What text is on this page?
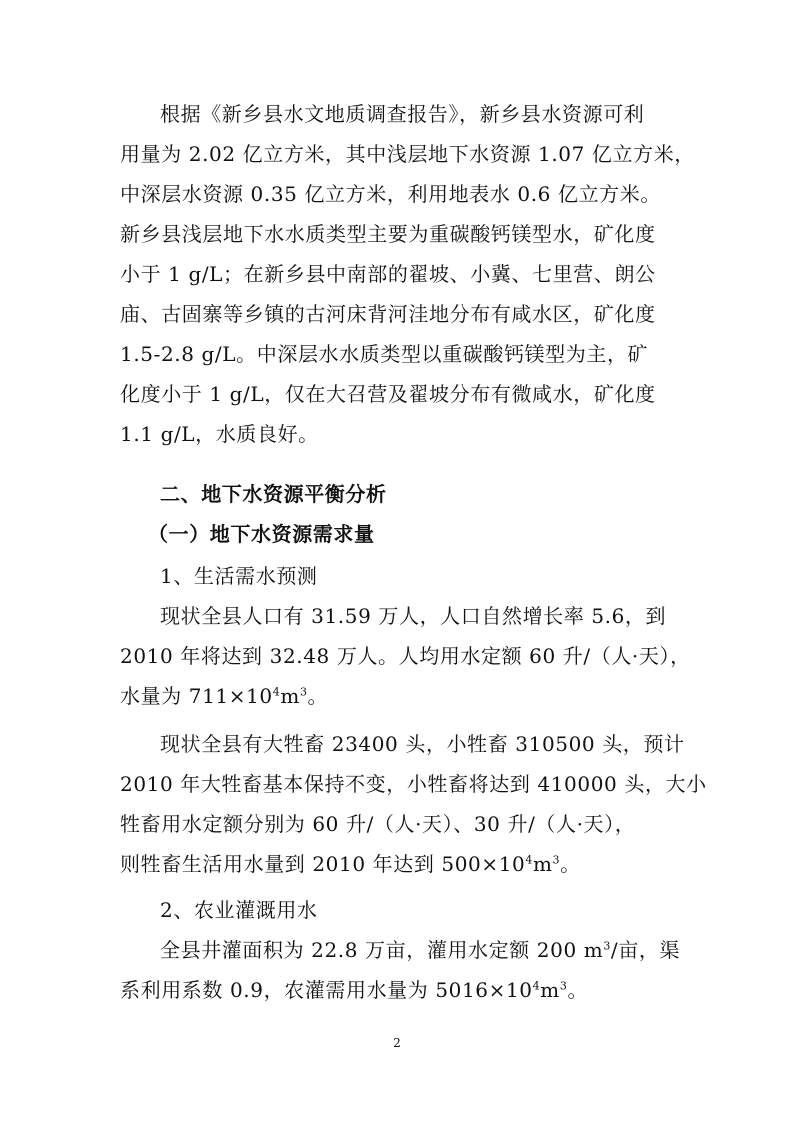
根据《新乡县水文地质调查报告》，新乡县水资源可利
用量为 2.02 亿立方米，其中浅层地下水资源 1.07 亿立方米，
中深层水资源 0.35 亿立方米，利用地表水 0.6 亿立方米。
新乡县浅层地下水水质类型主要为重碳酸钙镁型水，矿化度
小于 1 g/L；在新乡县中南部的翟坡、小冀、七里营、朗公
庙、古固寨等乡镇的古河床背河洼地分布有咸水区，矿化度
1.5-2.8 g/L。中深层水水质类型以重碳酸钙镁型为主，矿
化度小于 1 g/L，仅在大召营及翟坡分布有微咸水，矿化度
1.1 g/L，水质良好。
二、地下水资源平衡分析
（一）地下水资源需求量
1、生活需水预测
现状全县人口有 31.59 万人，人口自然增长率 5.6，到
2010 年将达到 32.48 万人。人均用水定额 60 升/（人·天），
水量为 $711\times 10^4m^3$。
现状全县有大牲畜 23400 头，小牲畜 310500 头，预计
2010 年大牲畜基本保持不变，小牲畜将达到 410000 头，大小
牲畜用水定额分别为 60 升/（人·天）、30 升/（人·天），
则牲畜生活用水量到 2010 年达到 $500\times 10^4m^3$。
2、农业灌溉用水
全县井灌面积为 22.8 万亩，灌用水定额 200 $m^3/$亩，渠
系利用系数 0.9，农灌需用水量为 $5016\times 10^4m^3$。
2
